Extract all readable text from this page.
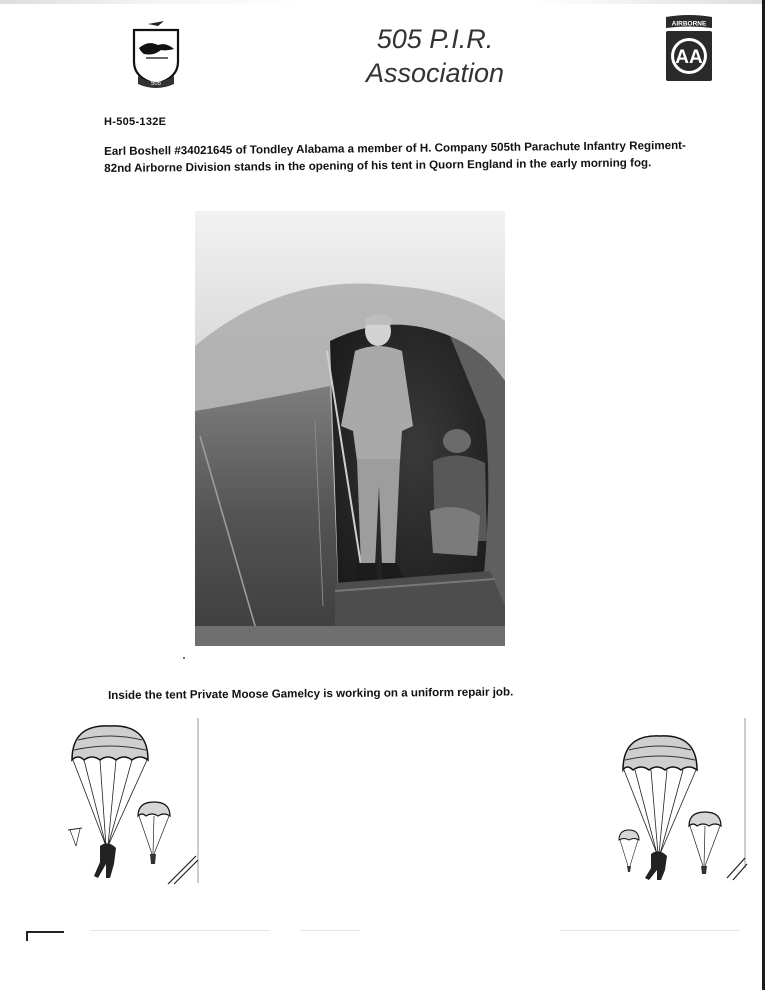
505
505 P.I.R.
Association
AIRBORNE
AA
H-505-132E
Earl Boshell #34021645 of Tondley Alabama a member of H. Company 505th Parachute Infantry Regiment-82nd Airborne Division stands in the opening of his tent in Quorn England in the early morning fog.
Inside the tent Private Moose Gamelcy is working on a uniform repair job.
